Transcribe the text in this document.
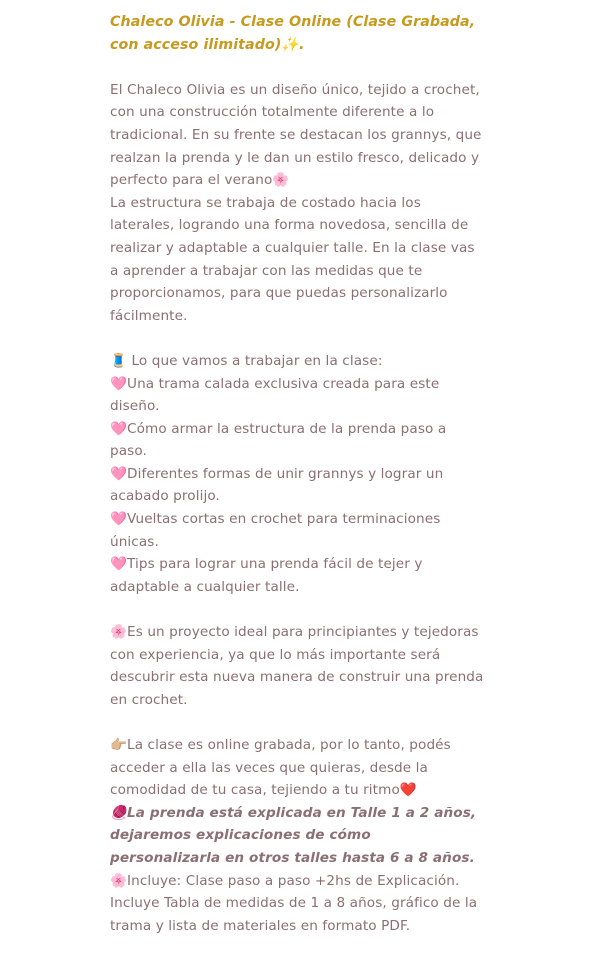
Chaleco Olivia - Clase Online (Clase Grabada, con acceso ilimitado)✨.

El Chaleco Olivia es un diseño único, tejido a crochet, con una construcción totalmente diferente a lo tradicional. En su frente se destacan los grannys, que realzan la prenda y le dan un estilo fresco, delicado y perfecto para el verano🌸

La estructura se trabaja de costado hacia los laterales, logrando una forma novedosa, sencilla de realizar y adaptable a cualquier talle. En la clase vas a aprender a trabajar con las medidas que te proporcionamos, para que puedas personalizarlo fácilmente.

🧵 Lo que vamos a trabajar en la clase:

🩷Una trama calada exclusiva creada para este diseño.

🩷Cómo armar la estructura de la prenda paso a paso.

🩷Diferentes formas de unir grannys y lograr un acabado prolijo.

🩷Vueltas cortas en crochet para terminaciones únicas.

🩷Tips para lograr una prenda fácil de tejer y adaptable a cualquier talle.

🌸Es un proyecto ideal para principiantes y tejedoras con experiencia, ya que lo más importante será descubrir esta nueva manera de construir una prenda en crochet.

👉🏼La clase es online grabada, por lo tanto, podés acceder a ella las veces que quieras, desde la comodidad de tu casa, tejiendo a tu ritmo❤️

🧶La prenda está explicada en Talle 1 a 2 años, dejaremos explicaciones de cómo personalizarla en otros talles hasta 6 a 8 años.

🌸Incluye: Clase paso a paso +2hs de Explicación.

Incluye Tabla de medidas de 1 a 8 años, gráfico de la trama y lista de materiales en formato PDF.
